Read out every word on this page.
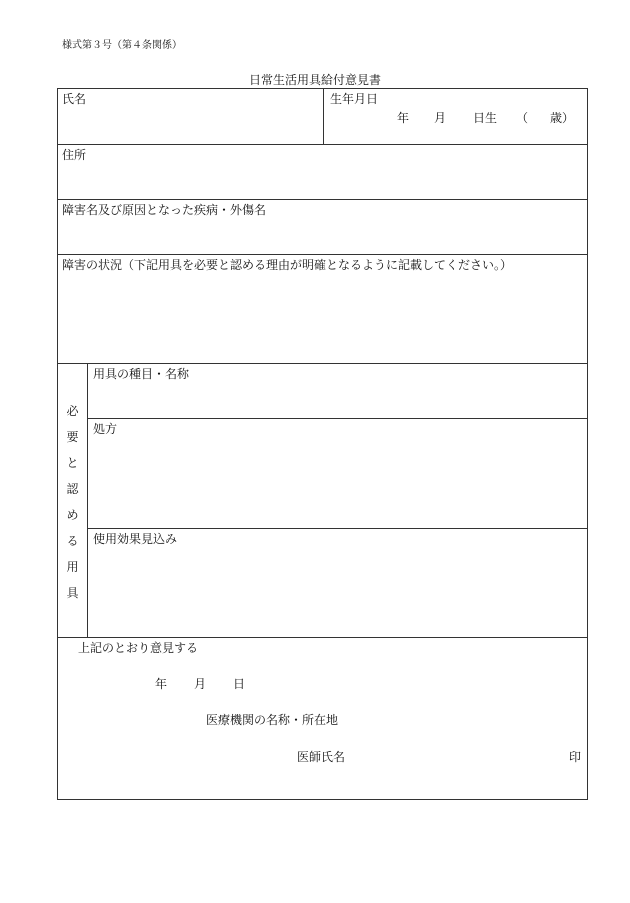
様式第３号（第４条関係）
日常生活用具給付意見書
氏名	生年月日
年 月 日生 （ 歳）
住所
障害名及び原因となった疾病・外傷名
障害の状況（下記用具を必要と認める理由が明確となるように記載してください。）
必
要
と
認
め
る
用
具
用具の種目・名称
処方
使用効果見込み
上記のとおり意見する
年 月 日
医療機関の名称・所在地
医師氏名	印
